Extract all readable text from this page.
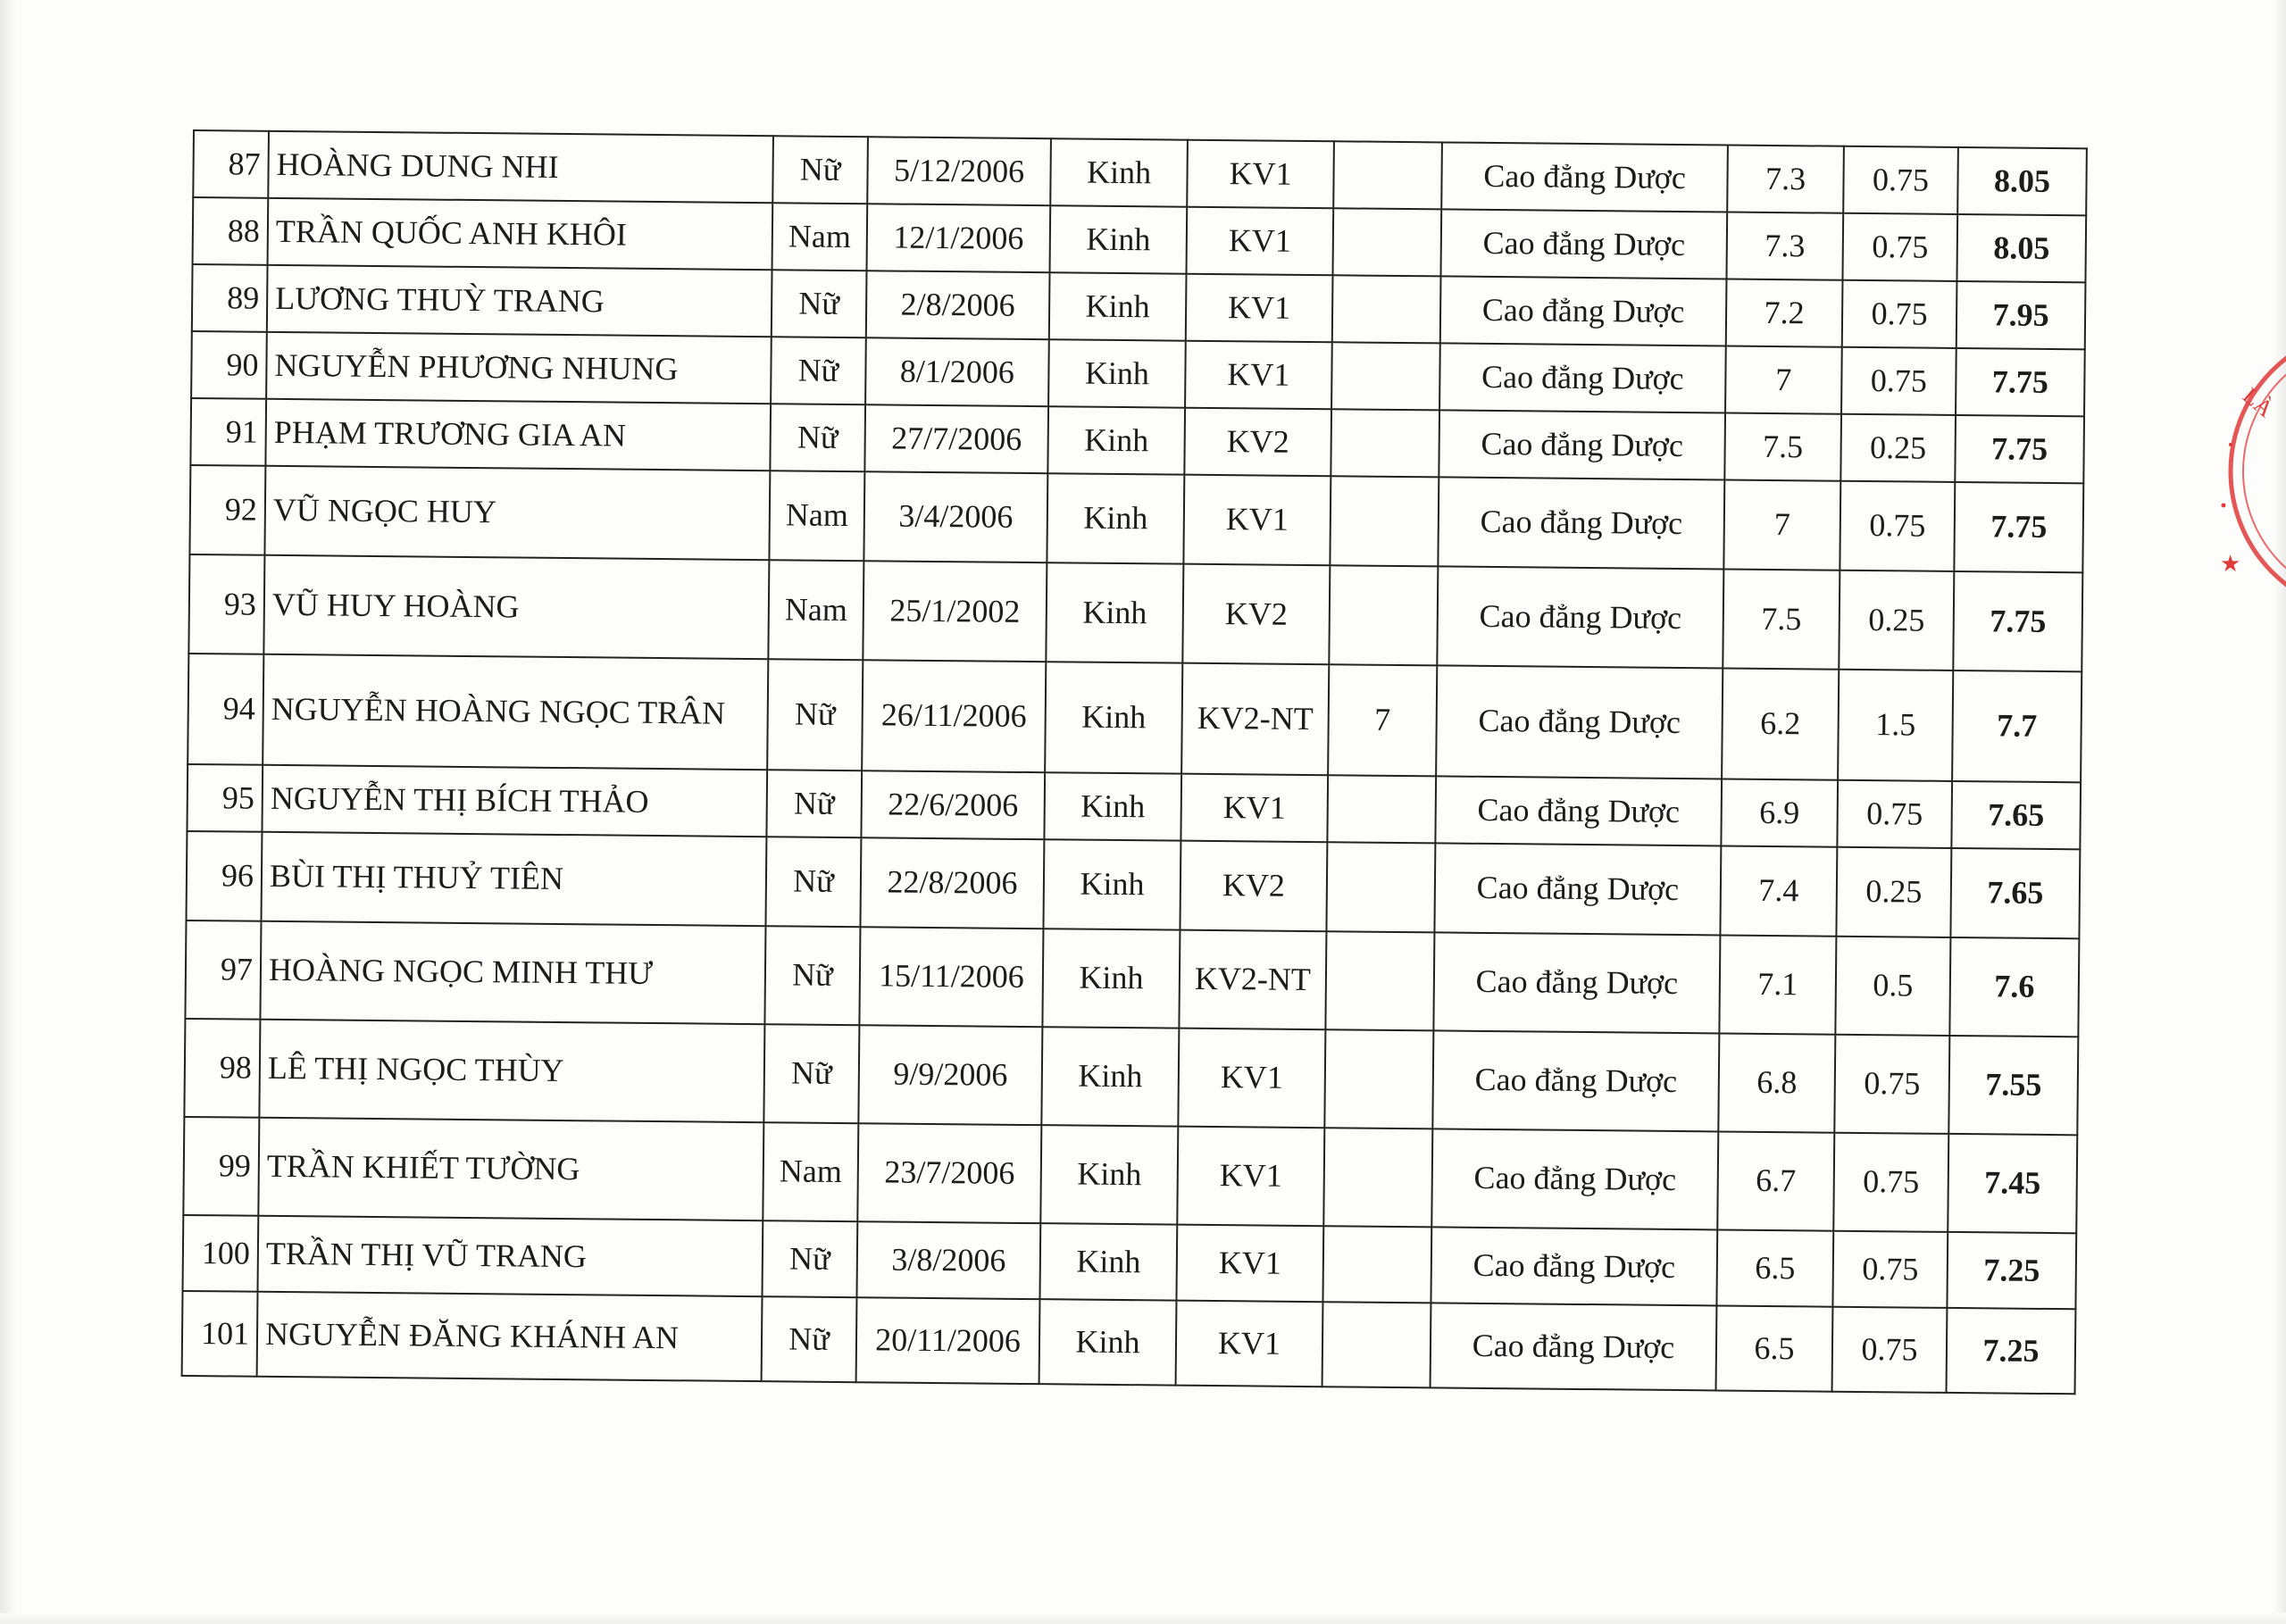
87	HOÀNG DUNG NHI	Nữ	5/12/2006	Kinh	KV1		Cao đẳng Dược	7.3	0.75	8.05
88	TRẦN QUỐC ANH KHÔI	Nam	12/1/2006	Kinh	KV1		Cao đẳng Dược	7.3	0.75	8.05
89	LƯƠNG THUỲ TRANG	Nữ	2/8/2006	Kinh	KV1		Cao đẳng Dược	7.2	0.75	7.95
90	NGUYỄN PHƯƠNG NHUNG	Nữ	8/1/2006	Kinh	KV1		Cao đẳng Dược	7	0.75	7.75
91	PHẠM TRƯƠNG GIA AN	Nữ	27/7/2006	Kinh	KV2		Cao đẳng Dược	7.5	0.25	7.75
92	VŨ NGỌC HUY	Nam	3/4/2006	Kinh	KV1		Cao đẳng Dược	7	0.75	7.75
93	VŨ HUY HOÀNG	Nam	25/1/2002	Kinh	KV2		Cao đẳng Dược	7.5	0.25	7.75
94	NGUYỄN HOÀNG NGỌC TRÂN	Nữ	26/11/2006	Kinh	KV2-NT	7	Cao đẳng Dược	6.2	1.5	7.7
95	NGUYỄN THỊ BÍCH THẢO	Nữ	22/6/2006	Kinh	KV1		Cao đẳng Dược	6.9	0.75	7.65
96	BÙI THỊ THUỶ TIÊN	Nữ	22/8/2006	Kinh	KV2		Cao đẳng Dược	7.4	0.25	7.65
97	HOÀNG NGỌC MINH THƯ	Nữ	15/11/2006	Kinh	KV2-NT		Cao đẳng Dược	7.1	0.5	7.6
98	LÊ THỊ NGỌC THÙY	Nữ	9/9/2006	Kinh	KV1		Cao đẳng Dược	6.8	0.75	7.55
99	TRẦN KHIẾT TƯỜNG	Nam	23/7/2006	Kinh	KV1		Cao đẳng Dược	6.7	0.75	7.45
100	TRẦN THỊ VŨ TRANG	Nữ	3/8/2006	Kinh	KV1		Cao đẳng Dược	6.5	0.75	7.25
101	NGUYỄN ĐĂNG KHÁNH AN	Nữ	20/11/2006	Kinh	KV1		Cao đẳng Dược	6.5	0.75	7.25
LÀ
★
